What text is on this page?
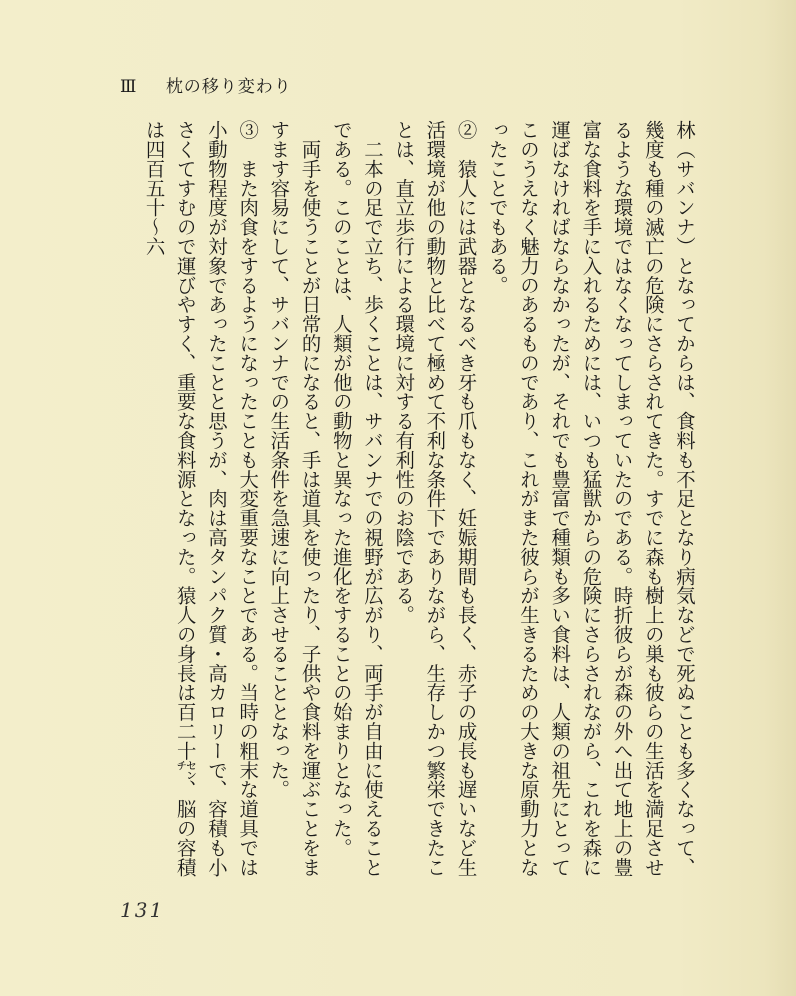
Ⅲ 枕の移り変わり

林（サバンナ）となってからは、食料も不足となり病気などで死ぬことも多くなって、幾度も種の滅亡の危険にさらされてきた。すでに森も樹上の巣も彼らの生活を満足させるような環境ではなくなってしまっていたのである。時折彼らが森の外へ出て地上の豊富な食料を手に入れるためには、いつも猛獣からの危険にさらされながら、これを森に運ばなければならなかったが、それでも豊富で種類も多い食料は、人類の祖先にとってこのうえなく魅力のあるものであり、これがまた彼らが生きるための大きな原動力となったことでもある。

②　猿人には武器となるべき牙も爪もなく、妊娠期間も長く、赤子の成長も遅いなど生活環境が他の動物と比べて極めて不利な条件下でありながら、生存しかつ繁栄できたことは、直立歩行による環境に対する有利性のお陰である。

　二本の足で立ち、歩くことは、サバンナでの視野が広がり、両手が自由に使えることである。このことは、人類が他の動物と異なった進化をすることの始まりとなった。

　両手を使うことが日常的になると、手は道具を使ったり、子供や食料を運ぶことをますます容易にして、サバンナでの生活条件を急速に向上させることとなった。

③　また肉食をするようになったことも大変重要なことである。当時の粗末な道具では小動物程度が対象であったことと思うが、肉は高タンパク質・高カロリーで、容積も小さくてすむので運びやすく、重要な食料源となった。猿人の身長は百二十㌢、脳の容積は四百五十〜六

131
